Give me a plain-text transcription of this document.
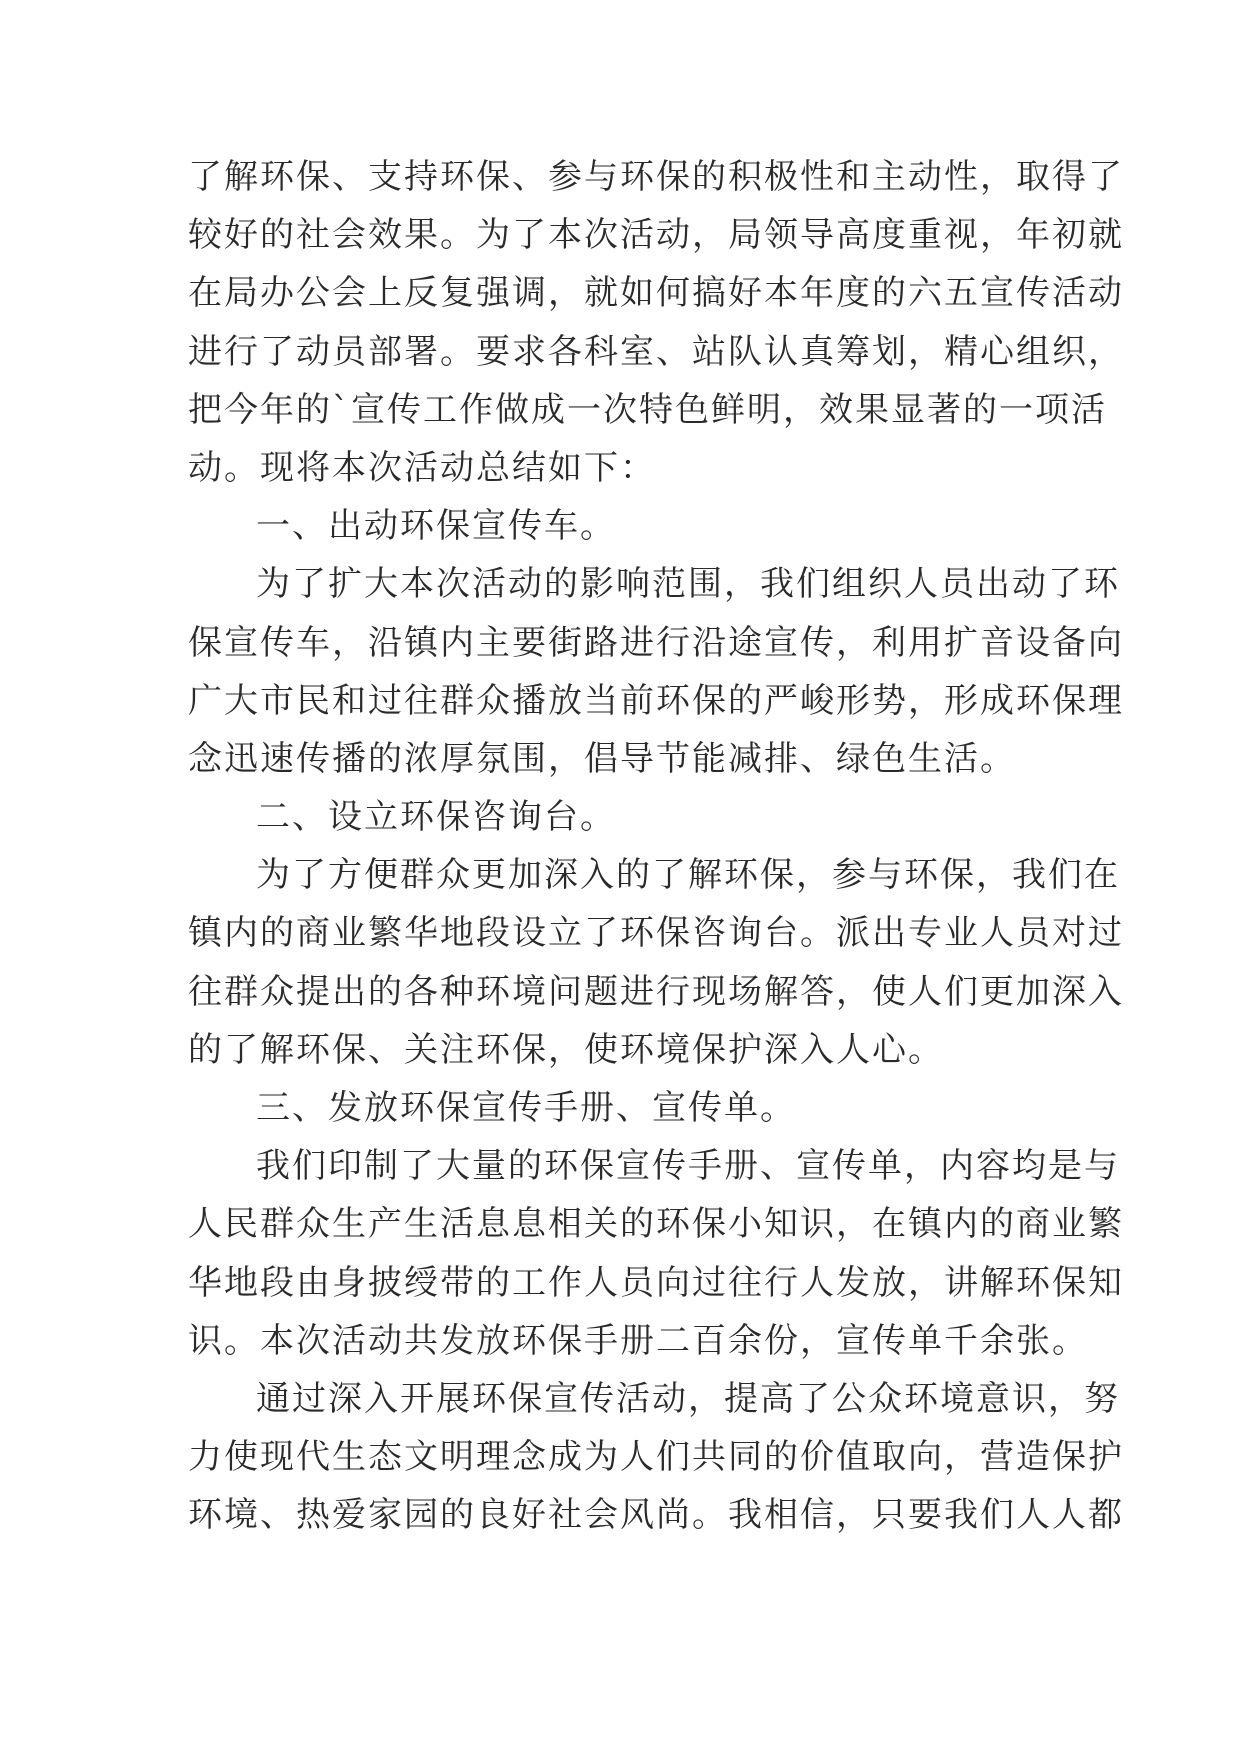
了解环保、支持环保、参与环保的积极性和主动性，取得了
较好的社会效果。为了本次活动，局领导高度重视，年初就
在局办公会上反复强调，就如何搞好本年度的六五宣传活动
进行了动员部署。要求各科室、站队认真筹划，精心组织，
把今年的`宣传工作做成一次特色鲜明，效果显著的一项活
动。现将本次活动总结如下：
一、出动环保宣传车。
为了扩大本次活动的影响范围，我们组织人员出动了环
保宣传车，沿镇内主要街路进行沿途宣传，利用扩音设备向
广大市民和过往群众播放当前环保的严峻形势，形成环保理
念迅速传播的浓厚氛围，倡导节能减排、绿色生活。
二、设立环保咨询台。
为了方便群众更加深入的了解环保，参与环保，我们在
镇内的商业繁华地段设立了环保咨询台。派出专业人员对过
往群众提出的各种环境问题进行现场解答，使人们更加深入
的了解环保、关注环保，使环境保护深入人心。
三、发放环保宣传手册、宣传单。
我们印制了大量的环保宣传手册、宣传单，内容均是与
人民群众生产生活息息相关的环保小知识，在镇内的商业繁
华地段由身披绶带的工作人员向过往行人发放，讲解环保知
识。本次活动共发放环保手册二百余份，宣传单千余张。
通过深入开展环保宣传活动，提高了公众环境意识，努
力使现代生态文明理念成为人们共同的价值取向，营造保护
环境、热爱家园的良好社会风尚。我相信，只要我们人人都
